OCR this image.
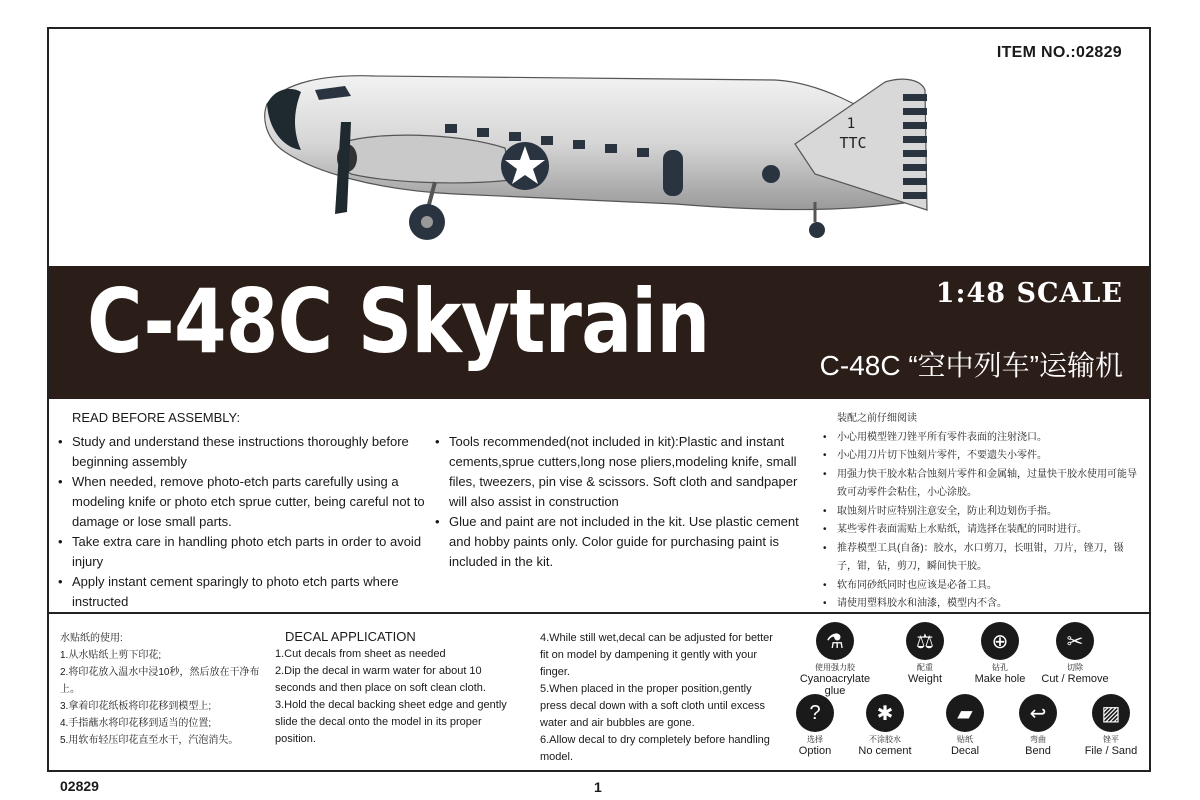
ITEM NO.:02829
1
TTC
C-48C Skytrain	1:48 SCALE
C-48C “空中列车”运输机
READ BEFORE ASSEMBLY:
• Study and understand these instructions thoroughly before beginning assembly
• When needed, remove photo-etch parts carefully using a modeling knife or photo etch sprue cutter, being careful not to damage or lose small parts.
• Take extra care in handling photo etch parts in order to avoid injury
• Apply instant cement sparingly to photo etch parts where instructed
• Tools recommended(not included in kit):Plastic and instant cements,sprue cutters,long nose pliers,modeling knife, small files, tweezers, pin vise & scissors. Soft cloth and sandpaper will also assist in construction
• Glue and paint are not included in the kit. Use plastic cement and hobby paints only. Color guide for purchasing paint is included in the kit.
装配之前仔细阅读
• 小心用模型锉刀锉平所有零件表面的注射浇口。
• 小心用刀片切下蚀刻片零件，不要遗失小零件。
• 用强力快干胶水粘合蚀刻片零件和金属轴，过量快干胶水使用可能导致可动零件会粘住，小心涂胶。
• 取蚀刻片时应特别注意安全，防止利边划伤手指。
• 某些零件表面需贴上水贴纸，请选择在装配的同时进行。
• 推荐模型工具(自备)：胶水，水口剪刀，长咀钳，刀片，锉刀，镊子，钳，钻，剪刀，瞬间快干胶。
• 软布同砂纸同时也应该是必备工具。
• 请使用塑料胶水和油漆，模型内不含。

水贴纸的使用:

1.从水贴纸上剪下印花;

2.将印花放入温水中浸10秒，然后放在干净布上。

3.拿着印花纸板将印花移到模型上;

4.手指蘸水将印花移到适当的位置;

5.用软布轻压印花直至水干，汽泡消失。

DECAL APPLICATION

1.Cut decals from sheet as needed

2.Dip the decal in warm water for about 10 seconds and then place on soft clean cloth.

3.Hold the decal backing sheet edge and gently slide the decal onto the model in its proper position.

4.While still wet,decal can be adjusted for better fit on model by dampening it gently with your finger.

5.When placed in the proper position,gently press decal down with a soft cloth until excess water and air bubbles are gone.

6.Allow decal to dry completely before handling model.

⚗
使用强力胶
Cyanoacrylate glue
⚖
配重
Weight
⊕
钻孔
Make hole
✂
切除
Cut / Remove
?
选择
Option
✱
不涂胶水
No cement
▰
贴纸
Decal
↩
弯曲
Bend
▨
锉平
File / Sand
02829	1
